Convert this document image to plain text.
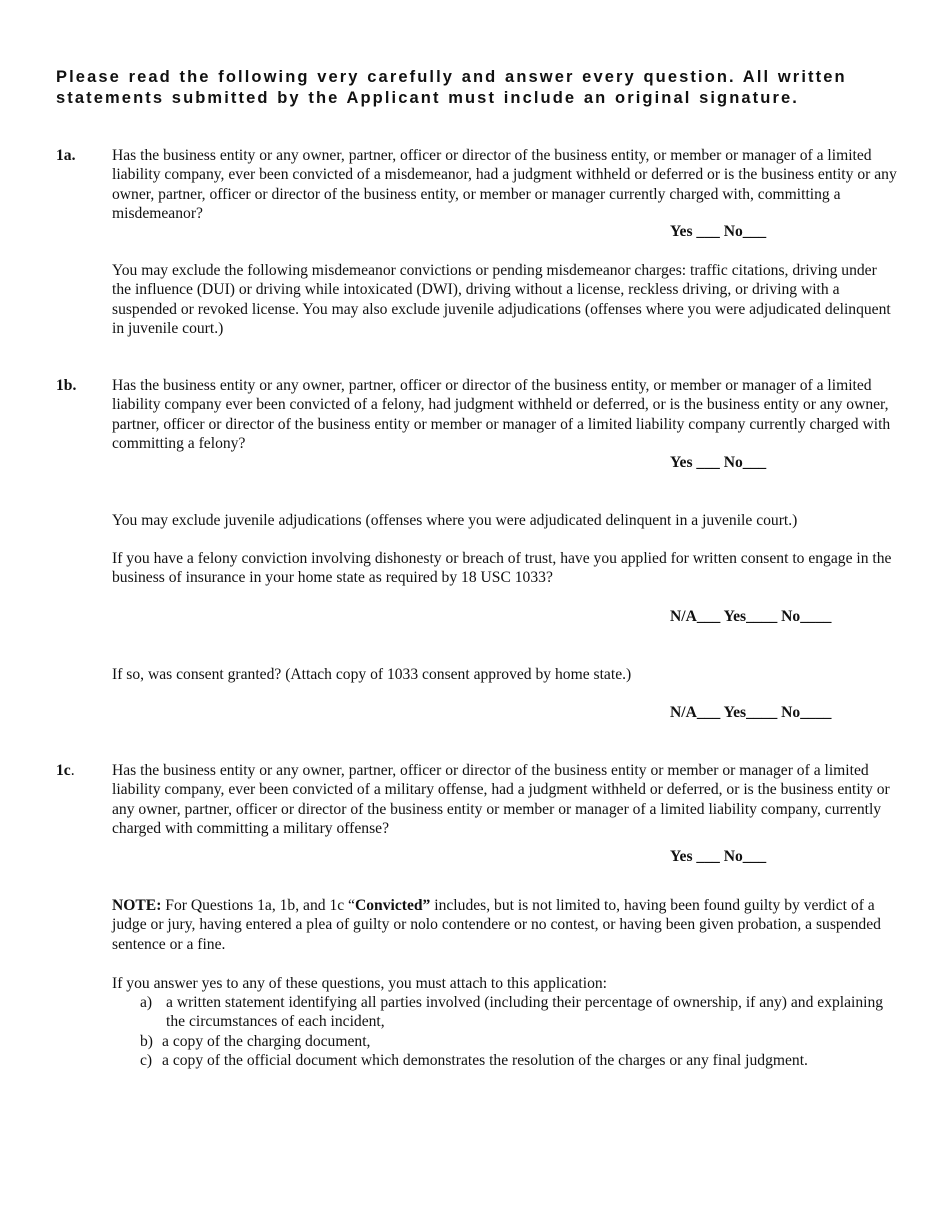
Please read the following very carefully and answer every question. All written
statements submitted by the Applicant must include an original signature.
1a. Has the business entity or any owner, partner, officer or director of the business entity, or member or manager of a limited liability company, ever been convicted of a misdemeanor, had a judgment withheld or deferred or is the business entity or any owner, partner, officer or director of the business entity, or member or manager currently charged with, committing a misdemeanor?
Yes ___ No___
You may exclude the following misdemeanor convictions or pending misdemeanor charges: traffic citations, driving under the influence (DUI) or driving while intoxicated (DWI), driving without a license, reckless driving, or driving with a suspended or revoked license. You may also exclude juvenile adjudications (offenses where you were adjudicated delinquent in juvenile court.)
1b. Has the business entity or any owner, partner, officer or director of the business entity, or member or manager of a limited liability company ever been convicted of a felony, had judgment withheld or deferred, or is the business entity or any owner, partner, officer or director of the business entity or member or manager of a limited liability company currently charged with committing a felony?
Yes ___ No___
You may exclude juvenile adjudications (offenses where you were adjudicated delinquent in a juvenile court.)
If you have a felony conviction involving dishonesty or breach of trust, have you applied for written consent to engage in the business of insurance in your home state as required by 18 USC 1033?
N/A___ Yes____ No____
If so, was consent granted? (Attach copy of 1033 consent approved by home state.)
N/A___ Yes____ No____
1c. Has the business entity or any owner, partner, officer or director of the business entity or member or manager of a limited liability company, ever been convicted of a military offense, had a judgment withheld or deferred, or is the business entity or any owner, partner, officer or director of the business entity or member or manager of a limited liability company, currently charged with committing a military offense?
Yes ___ No___
NOTE: For Questions 1a, 1b, and 1c “Convicted” includes, but is not limited to, having been found guilty by verdict of a judge or jury, having entered a plea of guilty or nolo contendere or no contest, or having been given probation, a suspended sentence or a fine.
If you answer yes to any of these questions, you must attach to this application:
a) a written statement identifying all parties involved (including their percentage of ownership, if any) and explaining the circumstances of each incident,
b) a copy of the charging document,
c) a copy of the official document which demonstrates the resolution of the charges or any final judgment.
